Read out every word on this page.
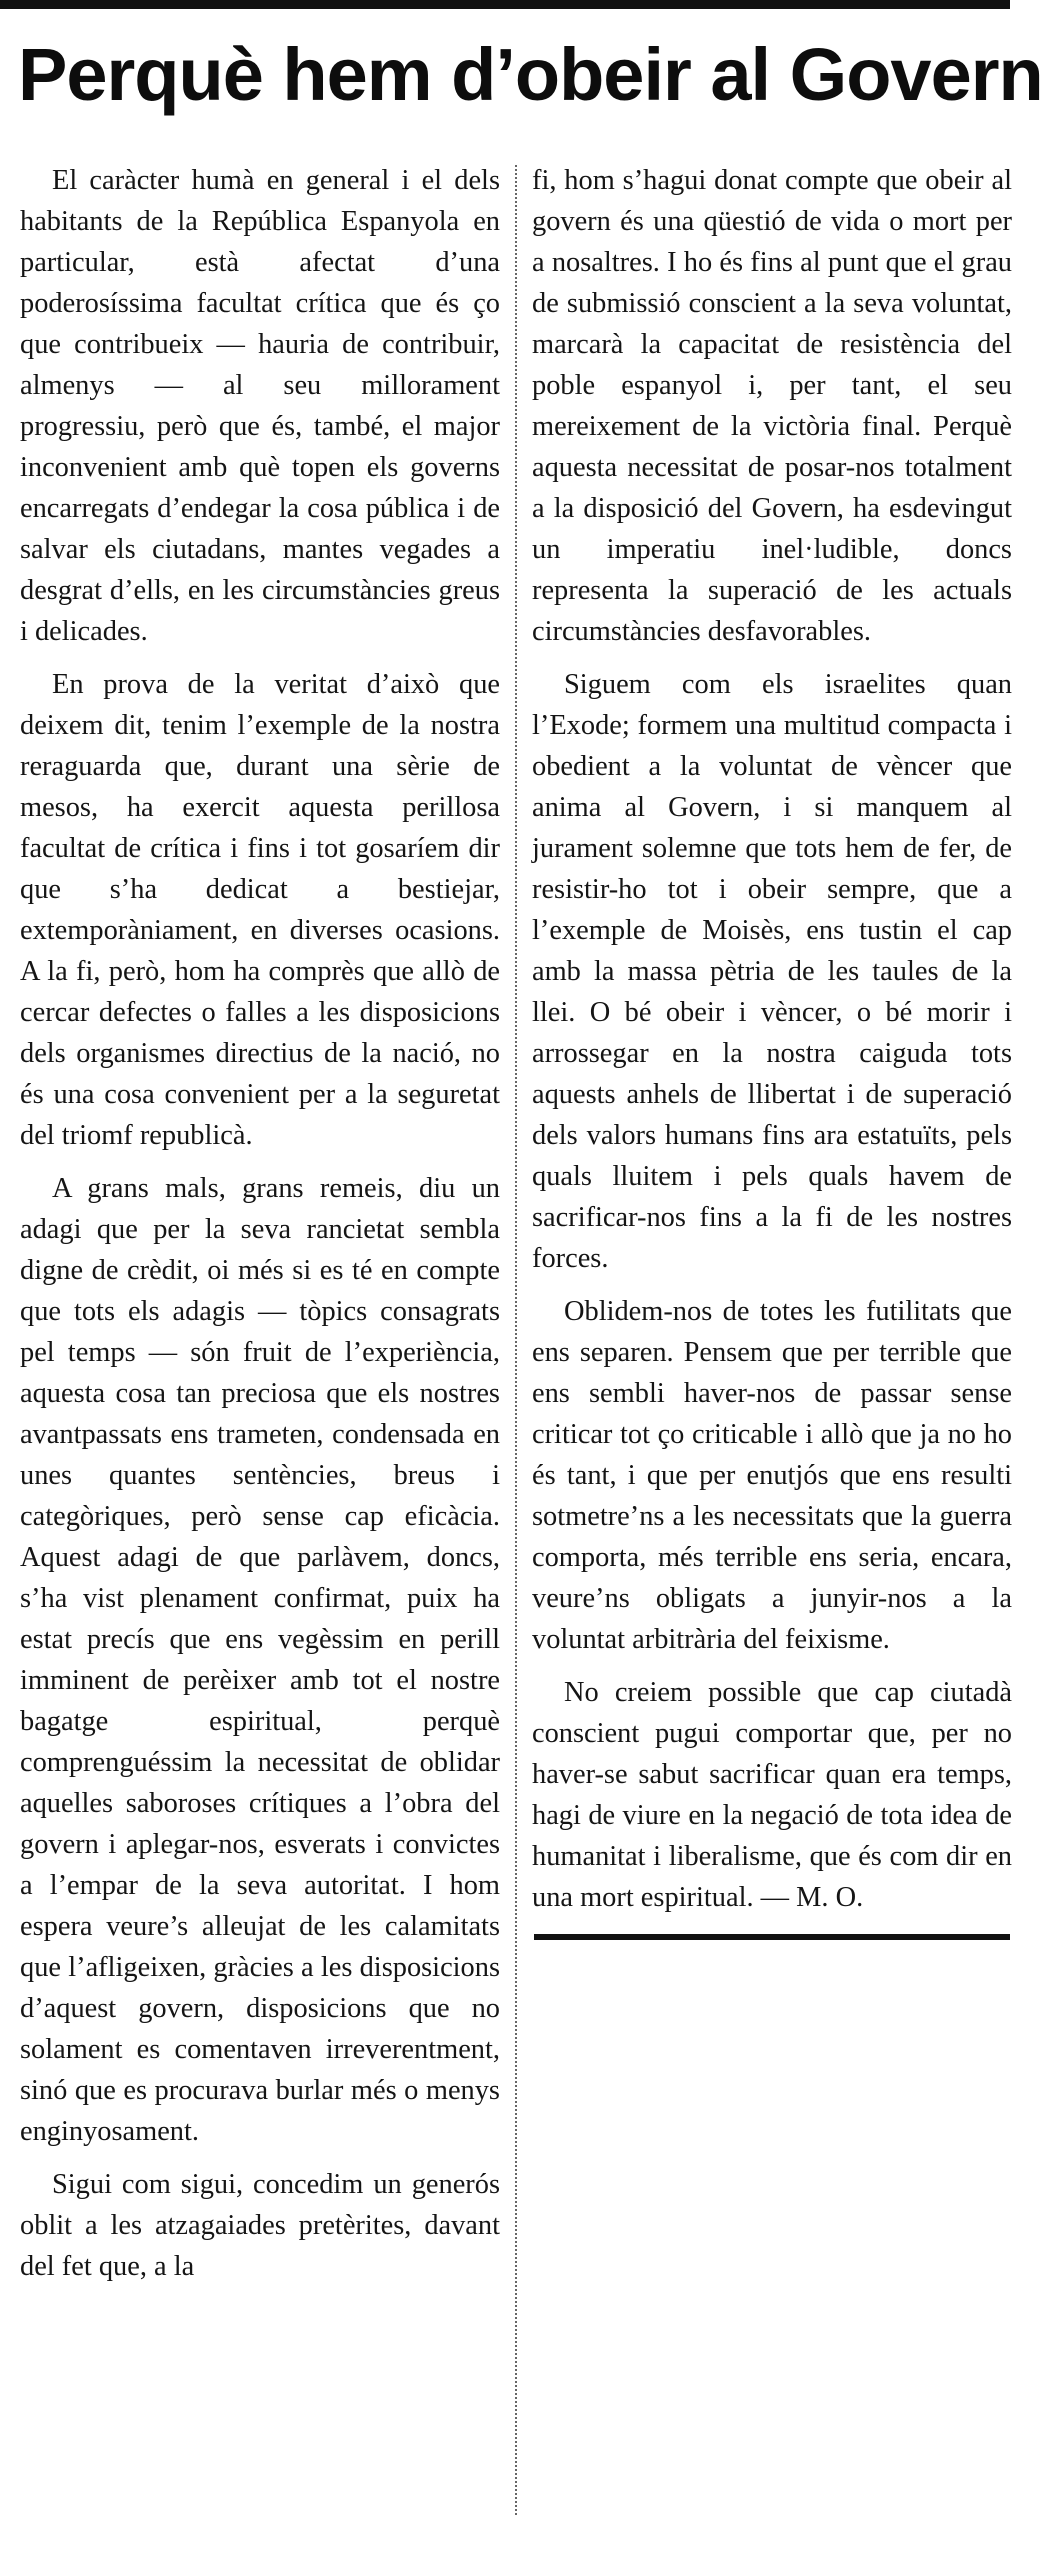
Perquè hem d’obeir al Govern

El caràcter humà en general i el dels habitants de la República Espanyola en particular, està afectat d’una poderosíssima facultat crítica que és ço que contribueix — hauria de contribuir, almenys — al seu millorament progressiu, però que és, també, el major inconvenient amb què topen els governs encarregats d’endegar la cosa pública i de salvar els ciutadans, mantes vegades a desgrat d’ells, en les circumstàncies greus i delicades.

En prova de la veritat d’això que deixem dit, tenim l’exemple de la nostra reraguarda que, durant una sèrie de mesos, ha exercit aquesta perillosa facultat de crítica i fins i tot gosaríem dir que s’ha dedicat a bestiejar, extemporàniament, en diverses ocasions. A la fi, però, hom ha comprès que allò de cercar defectes o falles a les disposicions dels organismes directius de la nació, no és una cosa convenient per a la seguretat del triomf republicà.

A grans mals, grans remeis, diu un adagi que per la seva rancietat sembla digne de crèdit, oi més si es té en compte que tots els adagis — tòpics consagrats pel temps — són fruit de l’experiència, aquesta cosa tan preciosa que els nostres avantpassats ens trameten, condensada en unes quantes sentències, breus i categòriques, però sense cap eficàcia. Aquest adagi de que parlàvem, doncs, s’ha vist plenament confirmat, puix ha estat precís que ens vegèssim en perill imminent de perèixer amb tot el nostre bagatge espiritual, perquè comprenguéssim la necessitat de oblidar aquelles saboroses crítiques a l’obra del govern i aplegar-nos, esverats i convictes a l’empar de la seva autoritat. I hom espera veure’s alleujat de les calamitats que l’afligeixen, gràcies a les disposicions d’aquest govern, disposicions que no solament es comentaven irreverentment, sinó que es procurava burlar més o menys enginyosament.

Sigui com sigui, concedim un generós oblit a les atzagaiades pretèrites, davant del fet que, a la

fi, hom s’hagui donat compte que obeir al govern és una qüestió de vida o mort per a nosaltres. I ho és fins al punt que el grau de submissió conscient a la seva voluntat, marcarà la capacitat de resistència del poble espanyol i, per tant, el seu mereixement de la victòria final. Perquè aquesta necessitat de posar-nos totalment a la disposició del Govern, ha esdevingut un imperatiu inel·ludible, doncs representa la superació de les actuals circumstàncies desfavorables.

Siguem com els israelites quan l’Exode; formem una multitud compacta i obedient a la voluntat de vèncer que anima al Govern, i si manquem al jurament solemne que tots hem de fer, de resistir-ho tot i obeir sempre, que a l’exemple de Moisès, ens tustin el cap amb la massa pètria de les taules de la llei. O bé obeir i vèncer, o bé morir i arrossegar en la nostra caiguda tots aquests anhels de llibertat i de superació dels valors humans fins ara estatuïts, pels quals lluitem i pels quals havem de sacrificar-nos fins a la fi de les nostres forces.

Oblidem-nos de totes les futilitats que ens separen. Pensem que per terrible que ens sembli haver-nos de passar sense criticar tot ço criticable i allò que ja no ho és tant, i que per enutjós que ens resulti sotmetre’ns a les necessitats que la guerra comporta, més terrible ens seria, encara, veure’ns obligats a junyir-nos a la voluntat arbitrària del feixisme.

No creiem possible que cap ciutadà conscient pugui comportar que, per no haver-se sabut sacrificar quan era temps, hagi de viure en la negació de tota idea de humanitat i liberalisme, que és com dir en una mort espiritual. — M. O.
